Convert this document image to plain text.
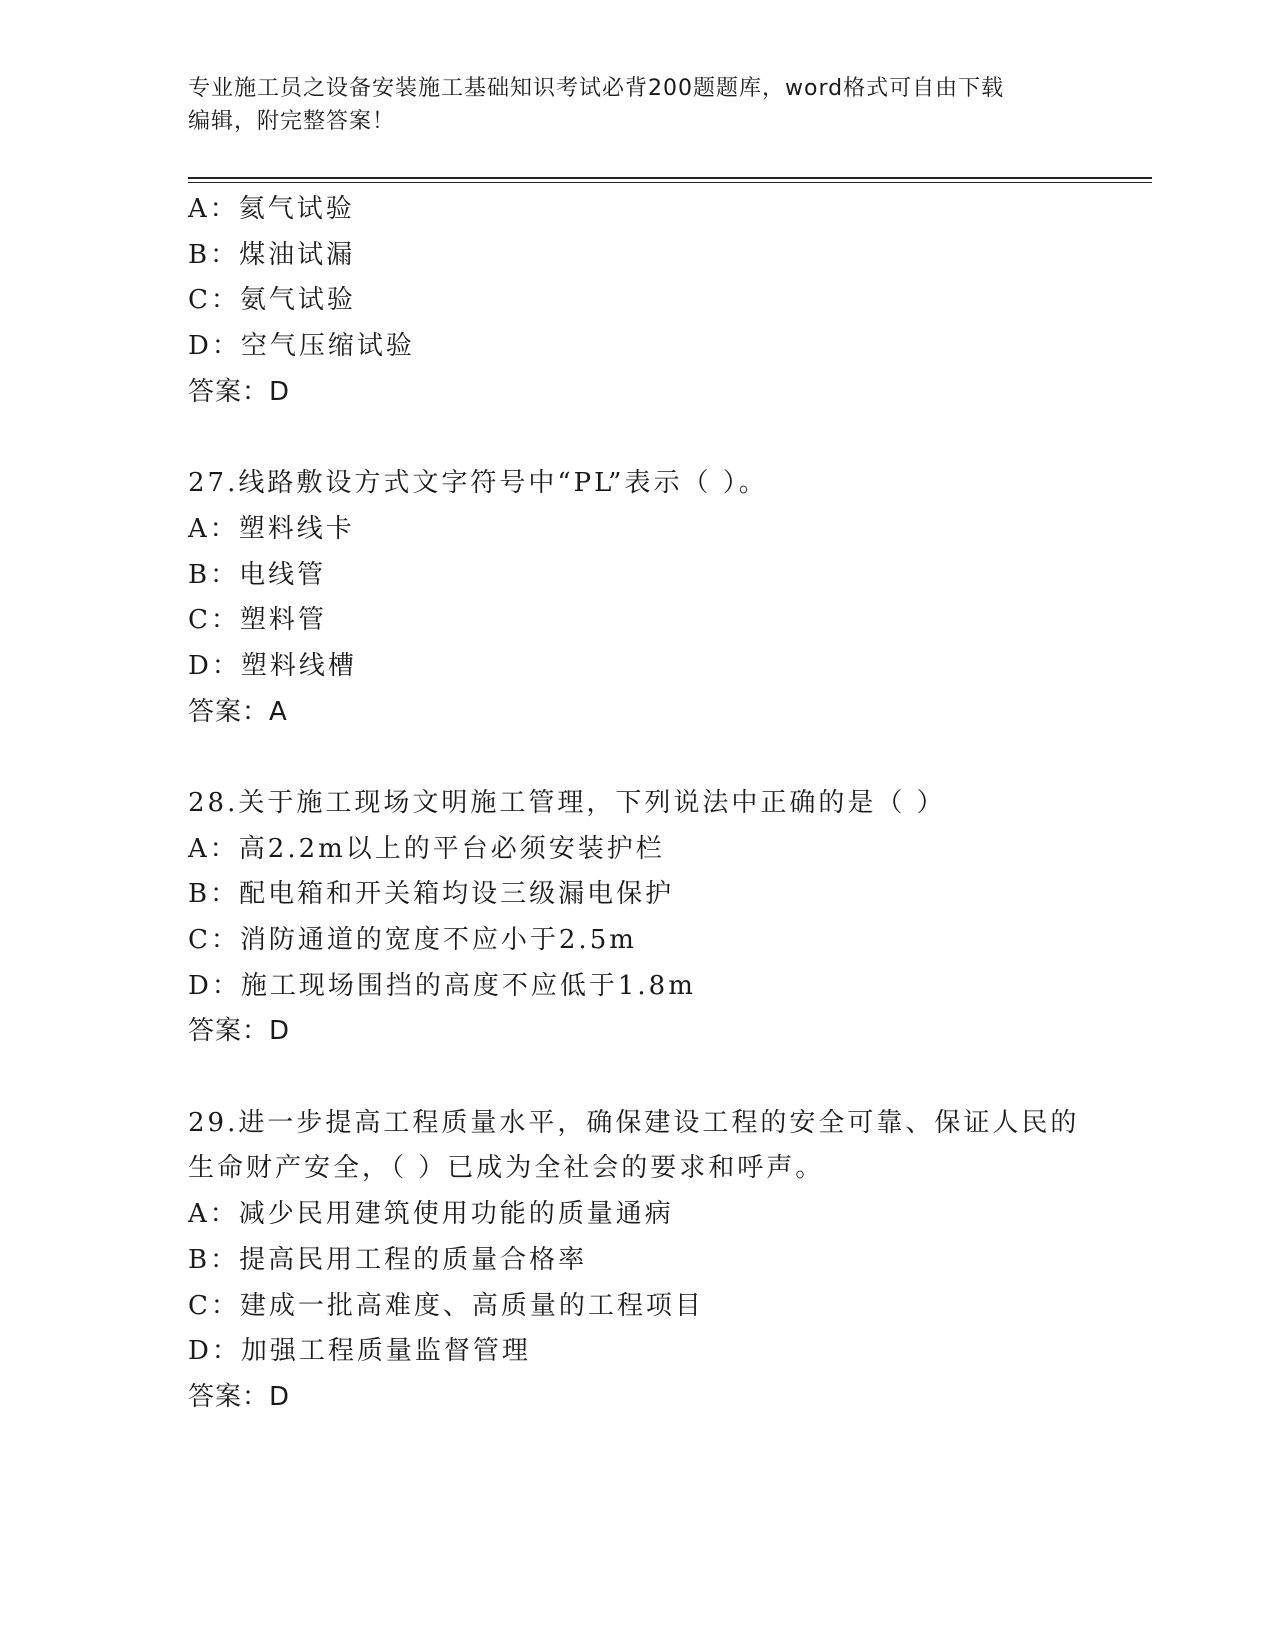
专业施工员之设备安装施工基础知识考试必背200题题库，word格式可自由下载
编辑，附完整答案！
A：氦气试验
B：煤油试漏
C：氨气试验
D：空气压缩试验
答案：D
27.线路敷设方式文字符号中“PL”表示（ ）。
A：塑料线卡
B：电线管
C：塑料管
D：塑料线槽
答案：A
28.关于施工现场文明施工管理，下列说法中正确的是（ ）
A：高2.2m以上的平台必须安装护栏
B：配电箱和开关箱均设三级漏电保护
C：消防通道的宽度不应小于2.5m
D：施工现场围挡的高度不应低于1.8m
答案：D
29.进一步提高工程质量水平，确保建设工程的安全可靠、保证人民的
生命财产安全，（ ）已成为全社会的要求和呼声。
A：减少民用建筑使用功能的质量通病
B：提高民用工程的质量合格率
C：建成一批高难度、高质量的工程项目
D：加强工程质量监督管理
答案：D
